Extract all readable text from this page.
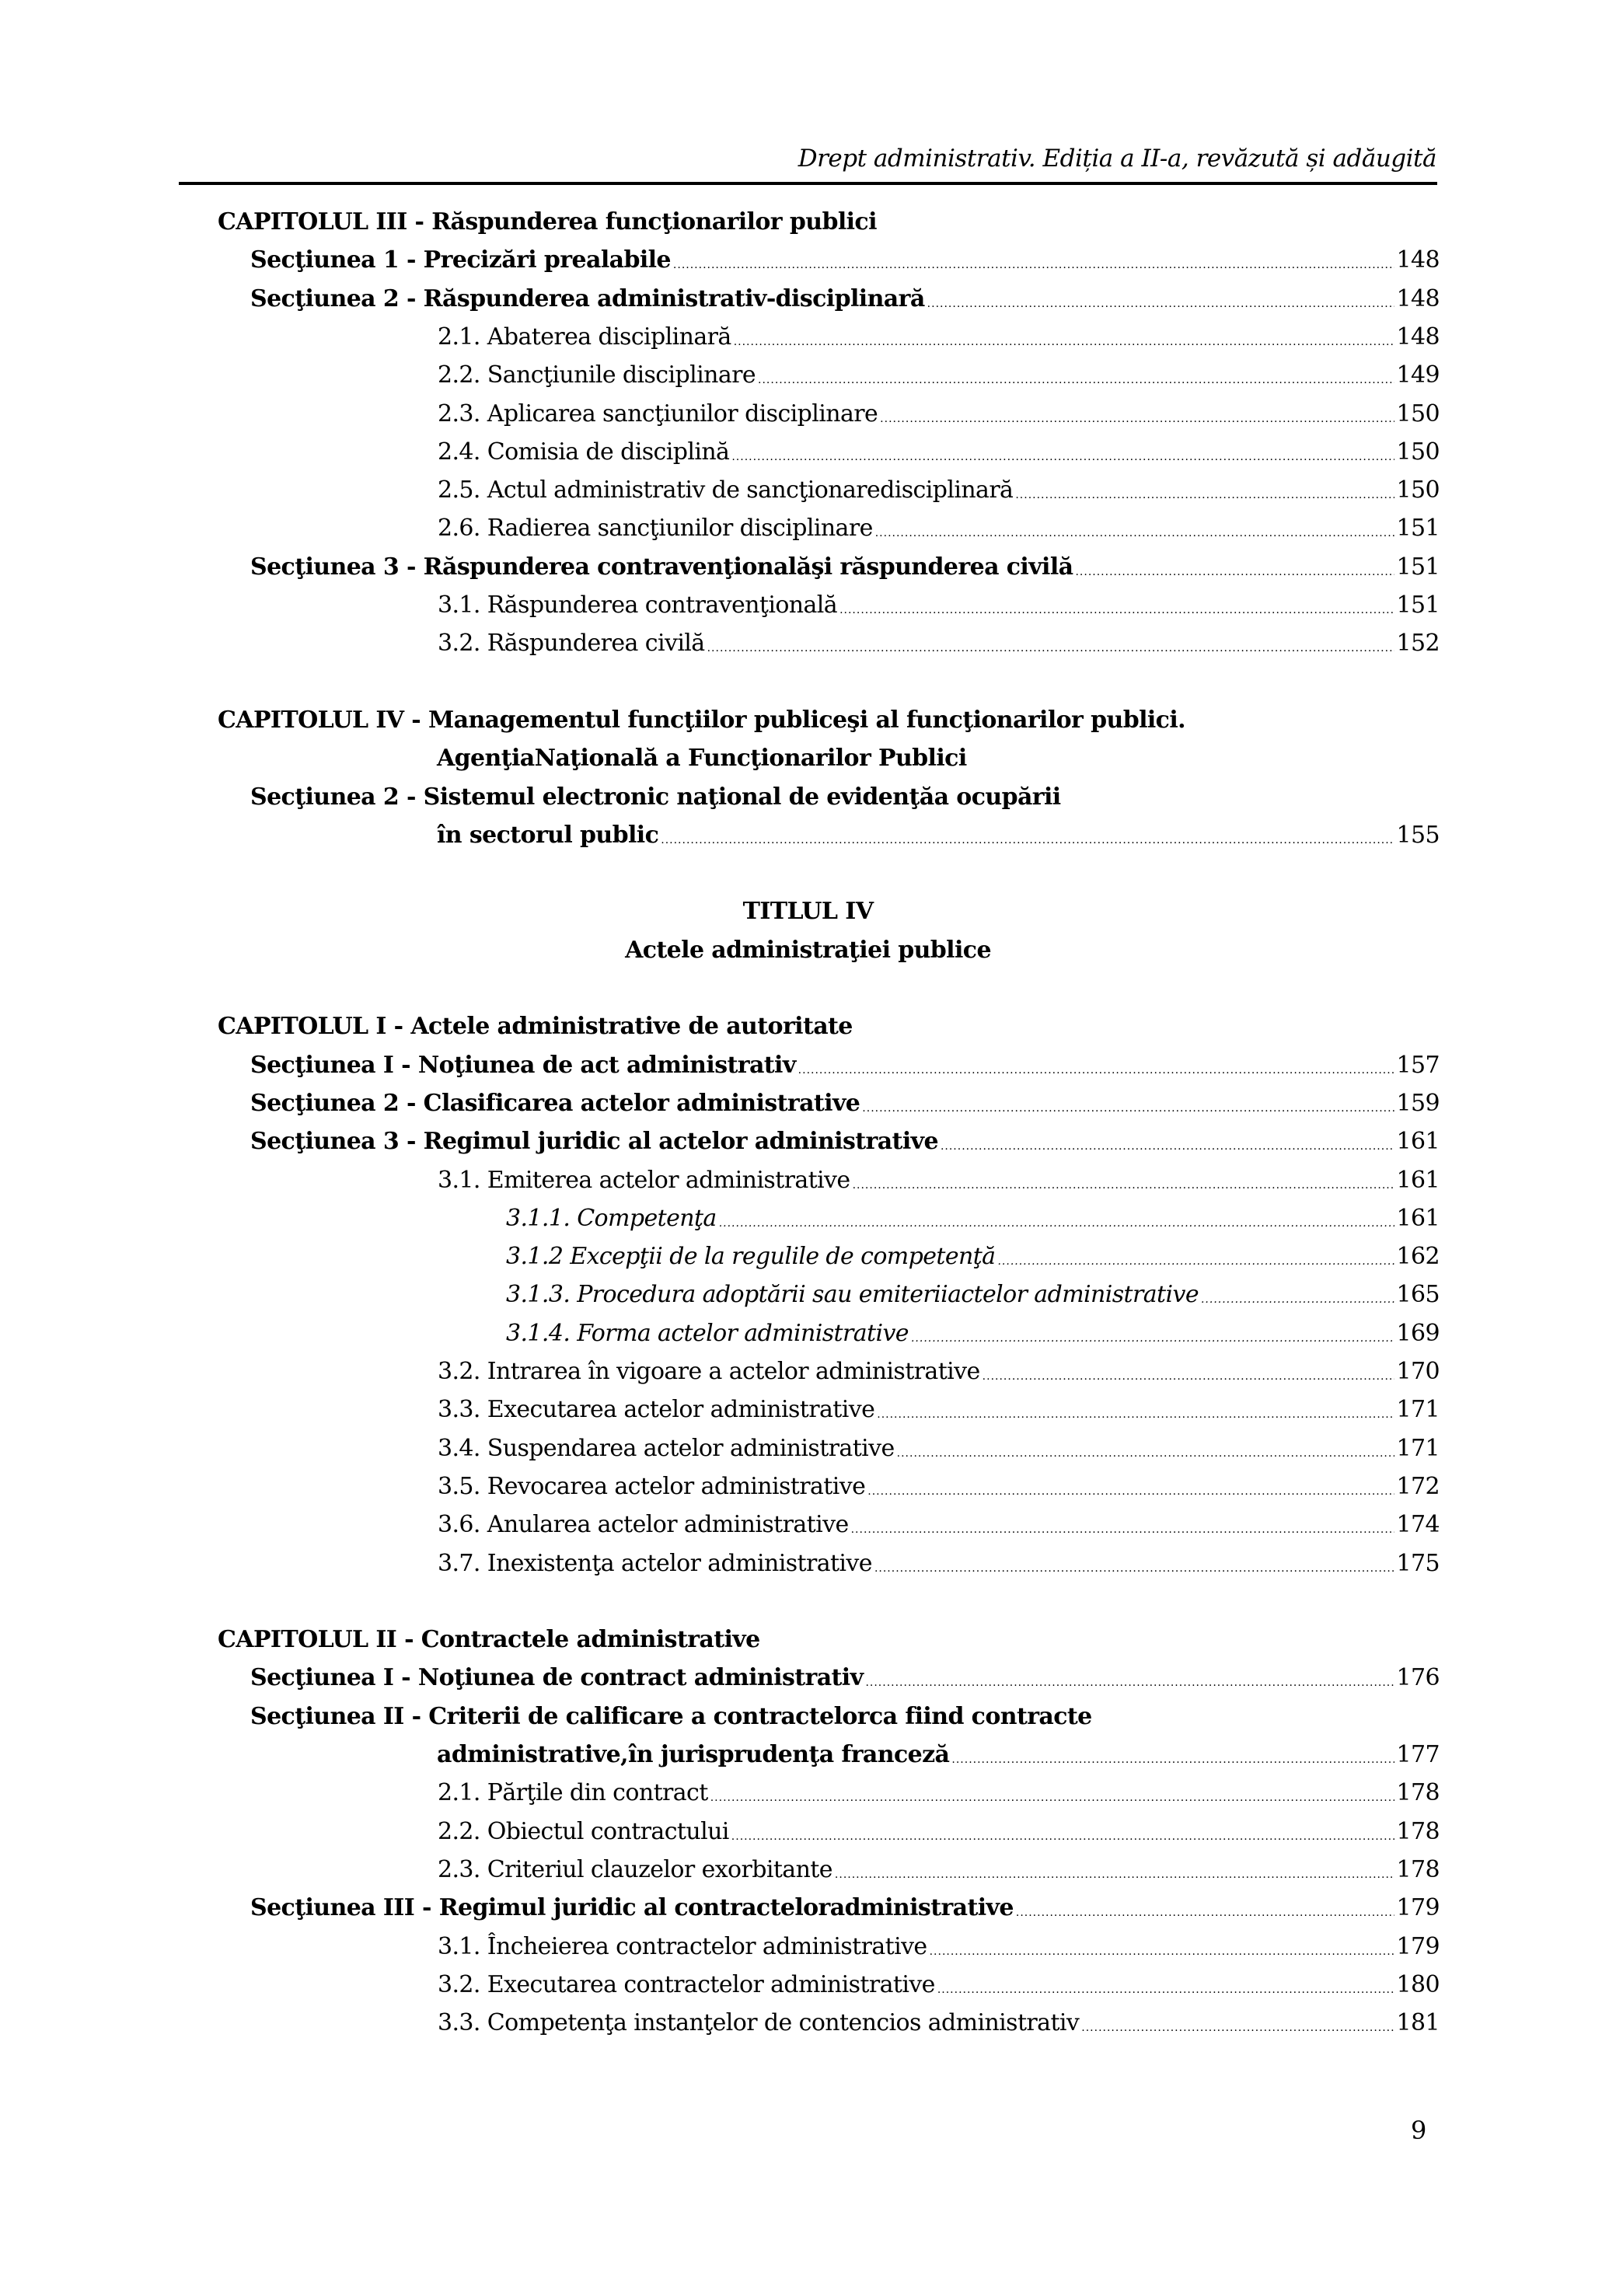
Drept administrativ. Ediția a II-a, revăzută și adăugită
CAPITOLUL III - Răspunderea funcţionarilor publici
Secţiunea 1 - Precizări prealabile .....	148
Secţiunea 2 - Răspunderea administrativ-disciplinară .....	148
2.1. Abaterea disciplinară .....	148
2.2. Sancţiunile disciplinare .....	149
2.3. Aplicarea sancţiunilor disciplinare .....	150
2.4. Comisia de disciplină .....	150
2.5. Actul administrativ de sancţionaredisciplinară .....	150
2.6. Radierea sancţiunilor disciplinare .....	151
Secţiunea 3 - Răspunderea contravenţionalăşi răspunderea civilă .....	151
3.1. Răspunderea contravenţională .....	151
3.2. Răspunderea civilă .....	152
CAPITOLUL IV - Managementul funcţiilor publiceşi al funcţionarilor publici.
AgenţiaNaţională a Funcţionarilor Publici
Secţiunea 2 - Sistemul electronic naţional de evidenţăa ocupării
în sectorul public .....	155
TITLUL IV
Actele administraţiei publice
CAPITOLUL I - Actele administrative de autoritate
Secţiunea I - Noţiunea de act administrativ .....	157
Secţiunea 2 - Clasificarea actelor administrative .....	159
Secţiunea 3 - Regimul juridic al actelor administrative .....	161
3.1. Emiterea actelor administrative .....	161
3.1.1. Competenţa .....	161
3.1.2 Excepţii de la regulile de competenţă .....	162
3.1.3. Procedura adoptării sau emiteriiactelor administrative .....	165
3.1.4. Forma actelor administrative .....	169
3.2. Intrarea în vigoare a actelor administrative .....	170
3.3. Executarea actelor administrative .....	171
3.4. Suspendarea actelor administrative .....	171
3.5. Revocarea actelor administrative .....	172
3.6. Anularea actelor administrative .....	174
3.7. Inexistenţa actelor administrative .....	175
CAPITOLUL II - Contractele administrative
Secţiunea I - Noţiunea de contract administrativ .....	176
Secţiunea II - Criterii de calificare a contractelorca fiind contracte
administrative,în jurisprudenţa franceză .....	177
2.1. Părţile din contract .....	178
2.2. Obiectul contractului .....	178
2.3. Criteriul clauzelor exorbitante .....	178
Secţiunea III - Regimul juridic al contracteloradministrative .....	179
3.1. Încheierea contractelor administrative .....	179
3.2. Executarea contractelor administrative .....	180
3.3. Competenţa instanţelor de contencios administrativ .....	181
9
